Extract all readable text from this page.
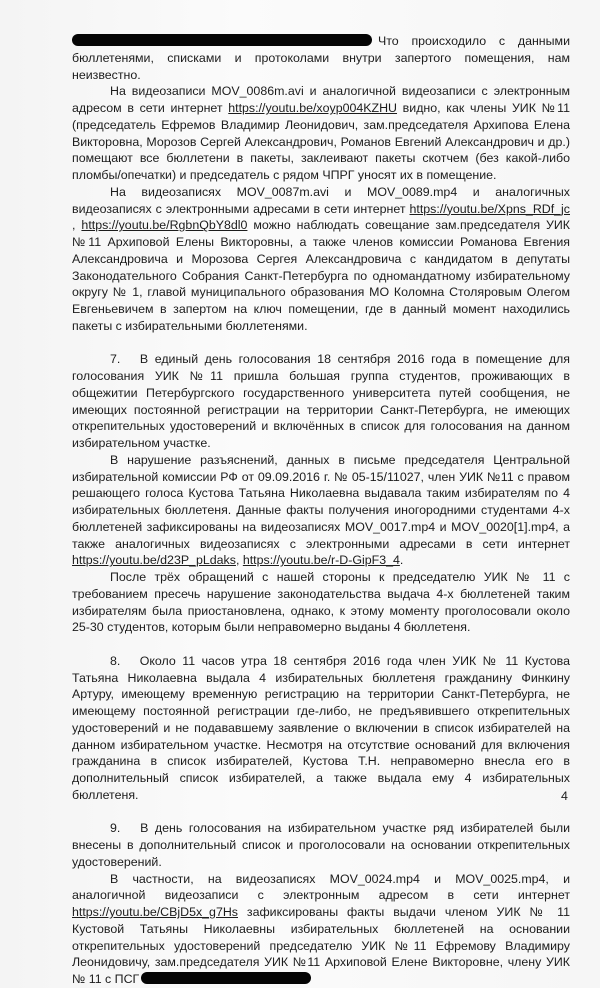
Что происходило с данными бюллетенями, списками и протоколами внутри запертого помещения, нам неизвестно.

На видеозаписи MOV_0086m.avi и аналогичной видеозаписи с электронным адресом в сети интернет https://youtu.be/xoyp004KZHU видно, как члены УИК №11 (председатель Ефремов Владимир Леонидович, зам.председателя Архипова Елена Викторовна, Морозов Сергей Александрович, Романов Евгений Александрович и др.) помещают все бюллетени в пакеты, заклеивают пакеты скотчем (без какой-либо пломбы/опечатки) и председатель с рядом ЧПРГ уносят их в помещение.

На видеозаписях MOV_0087m.avi и MOV_0089.mp4 и аналогичных видеозаписях с электронными адресами в сети интернет https://youtu.be/Xpns_RDf_jc , https://youtu.be/RgbnQbY8dl0 можно наблюдать совещание зам.председателя УИК №11 Архиповой Елены Викторовны, а также членов комиссии Романова Евгения Александровича и Морозова Сергея Александровича с кандидатом в депутаты Законодательного Собрания Санкт-Петербурга по одномандатному избирательному округу № 1, главой муниципального образования МО Коломна Столяровым Олегом Евгеньевичем в запертом на ключ помещении, где в данный момент находились пакеты с избирательными бюллетенями.

7.   В единый день голосования 18 сентября 2016 года в помещение для голосования УИК №11 пришла большая группа студентов, проживающих в общежитии Петербургского государственного университета путей сообщения, не имеющих постоянной регистрации на территории Санкт-Петербурга, не имеющих открепительных удостоверений и включённых в список для голосования на данном избирательном участке.

В нарушение разъяснений, данных в письме председателя Центральной избирательной комиссии РФ от 09.09.2016 г. № 05-15/11027, член УИК №11 с правом решающего голоса Кустова Татьяна Николаевна выдавала таким избирателям по 4 избирательных бюллетеня. Данные факты получения иногородними студентами 4-х бюллетеней зафиксированы на видеозаписях MOV_0017.mp4 и MOV_0020[1].mp4, а также аналогичных видеозаписях с электронными адресами в сети интернет https://youtu.be/d23P_pLdaks, https://youtu.be/r-D-GipF3_4.

После трёх обращений с нашей стороны к председателю УИК № 11 с требованием пресечь нарушение законодательства выдача 4-х бюллетеней таким избирателям была приостановлена, однако, к этому моменту проголосовали около 25-30 студентов, которым были неправомерно выданы 4 бюллетеня.

8.   Около 11 часов утра 18 сентября 2016 года член УИК № 11 Кустова Татьяна Николаевна выдала 4 избирательных бюллетеня гражданину Финкину Артуру, имеющему временную регистрацию на территории Санкт-Петербурга, не имеющему постоянной регистрации где-либо, не предъявившего открепительных удостоверений и не подававшему заявление о включении в список избирателей на данном избирательном участке. Несмотря на отсутствие оснований для включения гражданина в список избирателей, Кустова Т.Н. неправомерно внесла его в дополнительный список избирателей, а также выдала ему 4 избирательных бюллетеня.

9.   В день голосования на избирательном участке ряд избирателей были внесены в дополнительный список и проголосовали на основании открепительных удостоверений.

В частности, на видеозаписях MOV_0024.mp4 и MOV_0025.mp4, и аналогичной видеозаписи с электронным адресом в сети интернет https://youtu.be/CBjD5x_g7Hs зафиксированы факты выдачи членом УИК № 11 Кустовой Татьяны Николаевны избирательных бюллетеней на основании открепительных удостоверений председателю УИК №11 Ефремову Владимиру Леонидовичу, зам.председателя УИК №11 Архиповой Елене Викторовне, члену УИК № 11 с ПСГ

4
